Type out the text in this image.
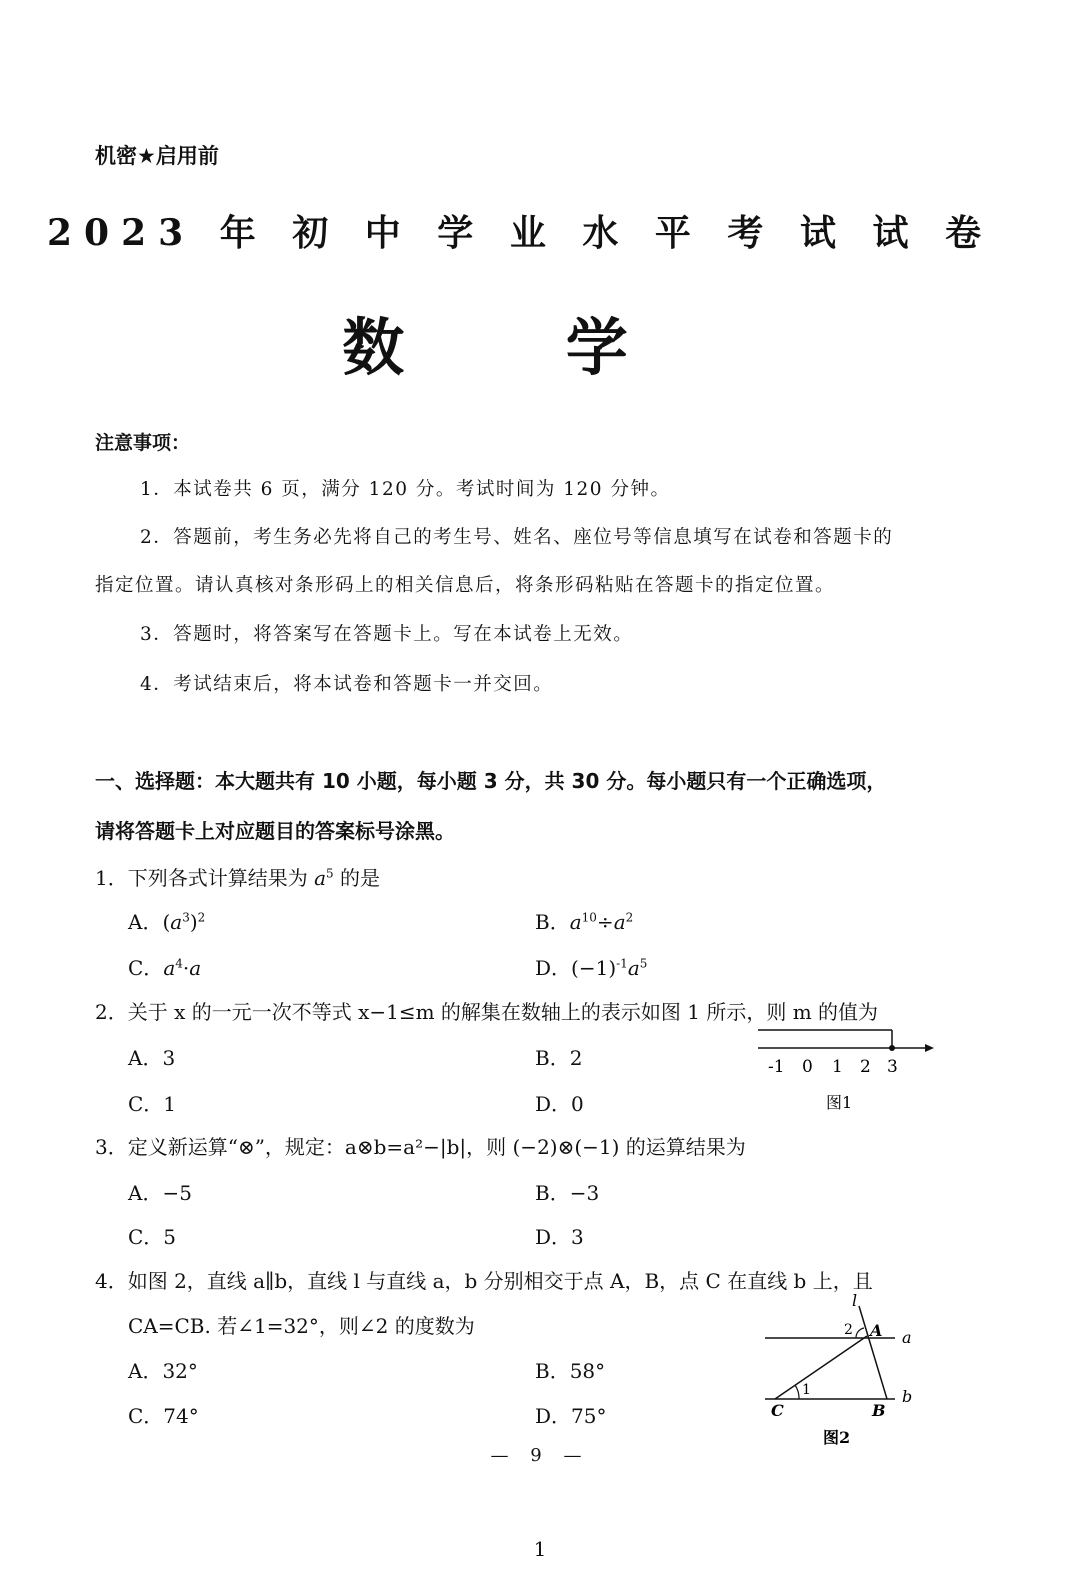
机密★启用前
2023 年 初 中 学 业 水 平 考 试 试 卷
数 学
注意事项：
1．本试卷共 6 页，满分 120 分。考试时间为 120 分钟。
2．答题前，考生务必先将自己的考生号、姓名、座位号等信息填写在试卷和答题卡的
指定位置。请认真核对条形码上的相关信息后，将条形码粘贴在答题卡的指定位置。
3．答题时，将答案写在答题卡上。写在本试卷上无效。
4．考试结束后，将本试卷和答题卡一并交回。
一、选择题：本大题共有 10 小题，每小题 3 分，共 30 分。每小题只有一个正确选项，
请将答题卡上对应题目的答案标号涂黑。
1．下列各式计算结果为 $a^5$ 的是
A．$(a^3)^2$	B．$a^{10}\div a^2$
C．$a^4\cdot a$	D．$(-1)^{-1}a^5$
2．关于 x 的一元一次不等式 x−1≤m 的解集在数轴上的表示如图 1 所示，则 m 的值为
A．3	B．2
C．1	D．0
-1 0 1 2 3
图1
3．定义新运算“⊗”，规定：a⊗b=a²−|b|，则 (−2)⊗(−1) 的运算结果为
A．−5	B．−3
C．5	D．3
4．如图 2，直线 a∥b，直线 l 与直线 a，b 分别相交于点 A，B，点 C 在直线 b 上，且
CA=CB. 若∠1=32°，则∠2 的度数为
A．32°	B．58°
C．74°	D．75°
l
A a
b
C	B
1
2
图2
— 9 —
1
